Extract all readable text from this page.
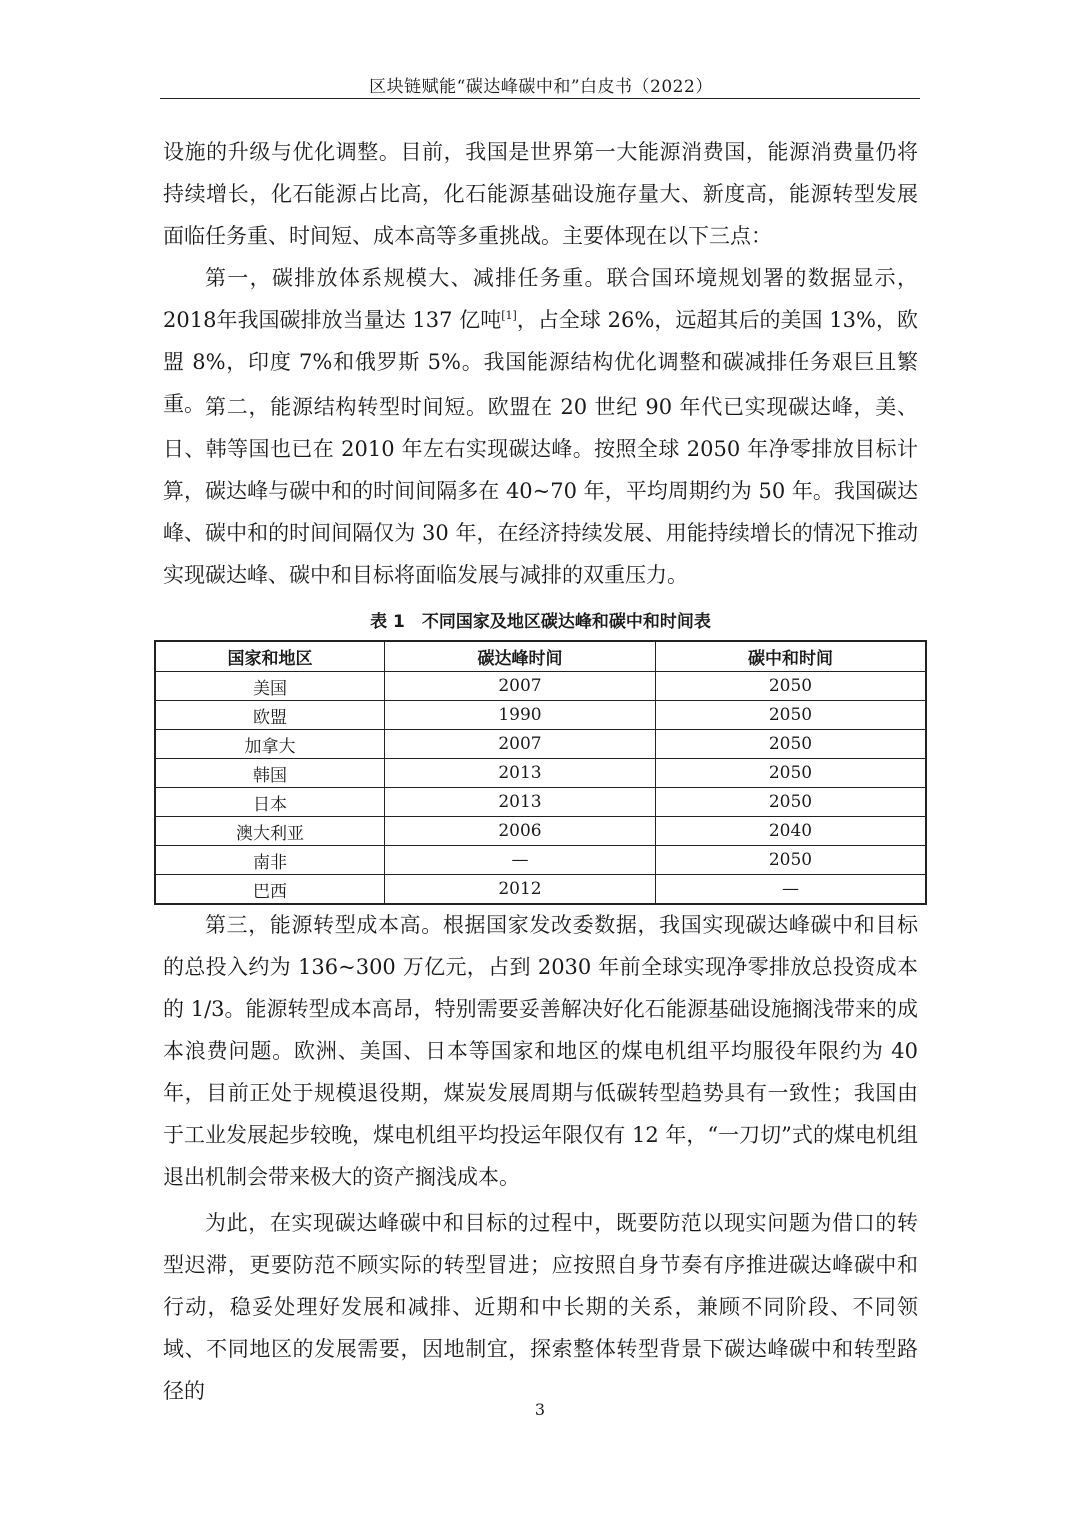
区块链赋能“碳达峰碳中和”白皮书（2022）

设施的升级与优化调整。目前，我国是世界第一大能源消费国，能源消费量仍将持续增长，化石能源占比高，化石能源基础设施存量大、新度高，能源转型发展面临任务重、时间短、成本高等多重挑战。主要体现在以下三点：

第一，碳排放体系规模大、减排任务重。联合国环境规划署的数据显示，2018年我国碳排放当量达 137 亿吨[1]，占全球 26%，远超其后的美国 13%，欧盟 8%，印度 7%和俄罗斯 5%。我国能源结构优化调整和碳减排任务艰巨且繁重。 第二，能源结构转型时间短。欧盟在 20 世纪 90 年代已实现碳达峰，美、日、韩等国也已在 2010 年左右实现碳达峰。按照全球 2050 年净零排放目标计算，碳达峰与碳中和的时间间隔多在 40~70 年，平均周期约为 50 年。我国碳达峰、碳中和的时间间隔仅为 30 年，在经济持续发展、用能持续增长的情况下推动实现碳达峰、碳中和目标将面临发展与减排的双重压力。

表 1　不同国家及地区碳达峰和碳中和时间表
国家和地区	碳达峰时间	碳中和时间
美国	2007	2050
欧盟	1990	2050
加拿大	2007	2050
韩国	2013	2050
日本	2013	2050
澳大利亚	2006	2040
南非	—	2050
巴西	2012	—

第三，能源转型成本高。根据国家发改委数据，我国实现碳达峰碳中和目标的总投入约为 136~300 万亿元，占到 2030 年前全球实现净零排放总投资成本的 1/3。能源转型成本高昂，特别需要妥善解决好化石能源基础设施搁浅带来的成本浪费问题。欧洲、美国、日本等国家和地区的煤电机组平均服役年限约为 40 年，目前正处于规模退役期，煤炭发展周期与低碳转型趋势具有一致性；我国由于工业发展起步较晚，煤电机组平均投运年限仅有 12 年，“一刀切”式的煤电机组退出机制会带来极大的资产搁浅成本。

为此，在实现碳达峰碳中和目标的过程中，既要防范以现实问题为借口的转型迟滞，更要防范不顾实际的转型冒进；应按照自身节奏有序推进碳达峰碳中和行动，稳妥处理好发展和减排、近期和中长期的关系，兼顾不同阶段、不同领域、不同地区的发展需要，因地制宜，探索整体转型背景下碳达峰碳中和转型路径的

3
